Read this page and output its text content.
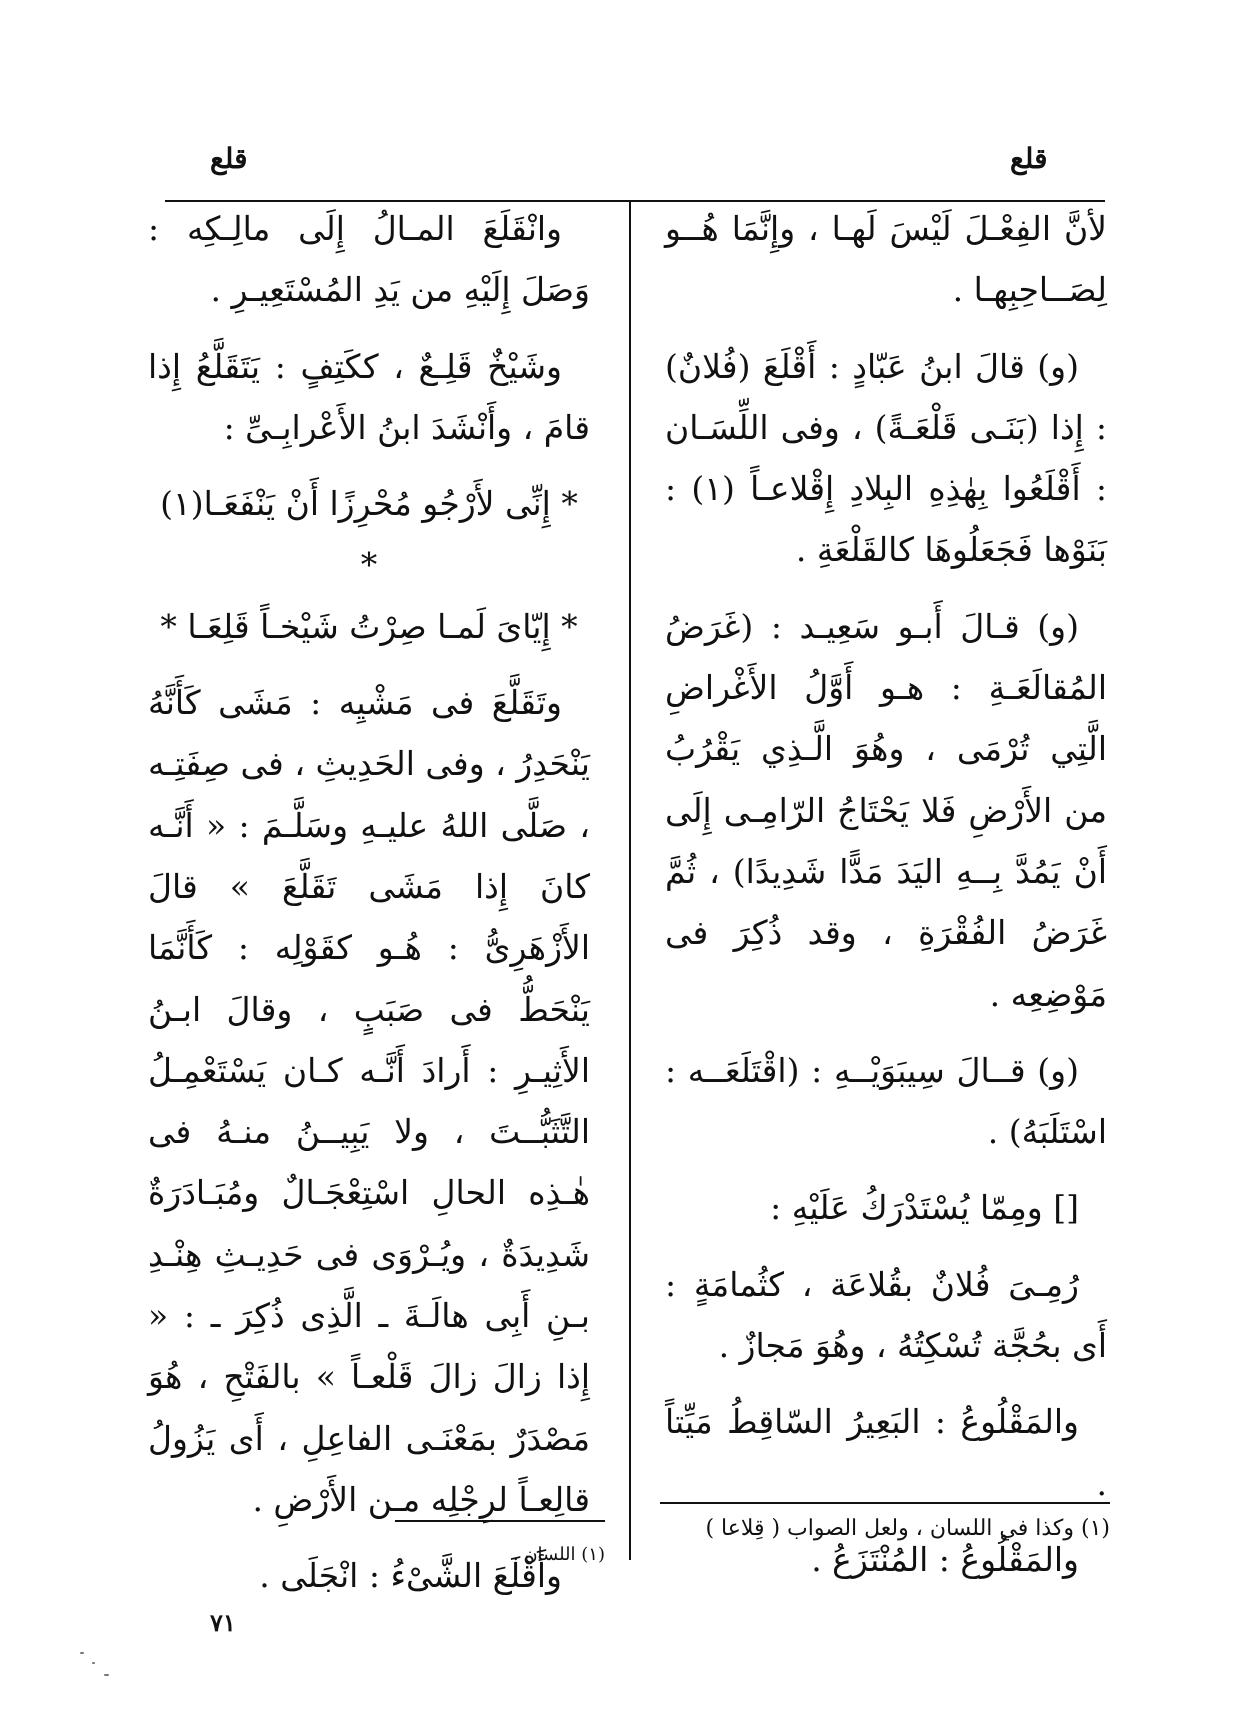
قلع
قلع

لأنَّ الفِعْـلَ لَيْسَ لَهـا ، وإِنَّمَا هُــو لِصَــاحِبِهـا .

(و) قالَ ابنُ عَبّادٍ : أَقْلَعَ (فُلانٌ) : إِذا (بَنَـى قَلْعَـةً) ، وفى اللِّسَـان : أَقْلَعُوا بِهٰذِهِ البِلادِ إِقْلاعـاً (١) : بَنَوْها فَجَعَلُوهَا كالقَلْعَةِ .

(و) قـالَ أَبـو سَعِيـد : (غَرَضُ المُقالَعَـةِ : هـو أَوَّلُ الأَغْراضِ الَّتِي تُرْمَى ، وهُوَ الَّـذِي يَقْرُبُ من الأَرْضِ فَلا يَحْتَاجُ الرّامِـى إِلَى أَنْ يَمُدَّ بِــهِ اليَدَ مَدًّا شَدِيدًا) ، ثُمَّ غَرَضُ الفُقْرَةِ ، وقد ذُكِرَ فى مَوْضِعِه .

(و) قــالَ سِيبَوَيْــهِ : (اقْتَلَعَــه : اسْتَلَبَهُ) .

[] ومِمّا يُسْتَدْرَكُ عَلَيْهِ :

رُمِـىَ فُلانٌ بقُلاعَة ، كثُمامَةٍ : أَى بحُجَّة تُسْكِتُهُ ، وهُوَ مَجازٌ .

والمَقْلُوعُ : البَعِيرُ السّاقِطُ مَيِّتاً .

والمَقْلُوعُ : المُنْتَزَعُ .

وانْقَلَعَ المـالُ إِلَى مالِـكِه : وَصَلَ إِلَيْهِ من يَدِ المُسْتَعِيـرِ .

وشَيْخٌ قَلِـعٌ ، ككَتِفٍ : يَتَقَلَّعُ إِذا قامَ ، وأَنْشَدَ ابنُ الأَعْرابِـىِّ :

* إِنِّى لأَرْجُو مُحْرِزًا أَنْ يَنْفَعَـا(١) *

* إِيّاىَ لَمـا صِرْتُ شَيْخـاً قَلِعَـا *

وتَقَلَّعَ فى مَشْيِه : مَشَى كَأَنَّهُ يَنْحَدِرُ ، وفى الحَدِيثِ ، فى صِفَتِـه ، صَلَّى اللهُ عليـهِ وسَلَّـمَ : « أَنَّـه كانَ إِذا مَشَى تَقَلَّعَ » قالَ الأَزْهَرِىُّ : هُـو كقَوْلِه : كَأَنَّمَا يَنْحَطُّ فى صَبَبٍ ، وقالَ ابـنُ الأَثِيـرِ : أَرادَ أَنَّـه كـان يَسْتَعْمِـلُ التَّثَبُّــتَ ، ولا يَبِيــنُ منـهُ فى هٰـذِه الحالِ اسْتِعْجَـالٌ ومُبَـادَرَةٌ شَدِيدَةٌ ، ويُـرْوَى فى حَدِيـثِ هِنْـدِ بـنِ أَبِى هالَـةَ ـ الَّذِى ذُكِرَ ـ : « إِذا زالَ زالَ قَلْعـاً » بالفَتْحِ ، هُوَ مَصْدَرٌ بمَعْنَـى الفاعِلِ ، أَى يَزُولُ قالِعـاً لرِجْلِه مـن الأَرْضِ .

وأَقْلَعَ الشَّىْءُ : انْجَلَى .

(١) وكذا في اللسان ، ولعل الصواب ( قِلاعا )
(١) اللسان .
٧١
